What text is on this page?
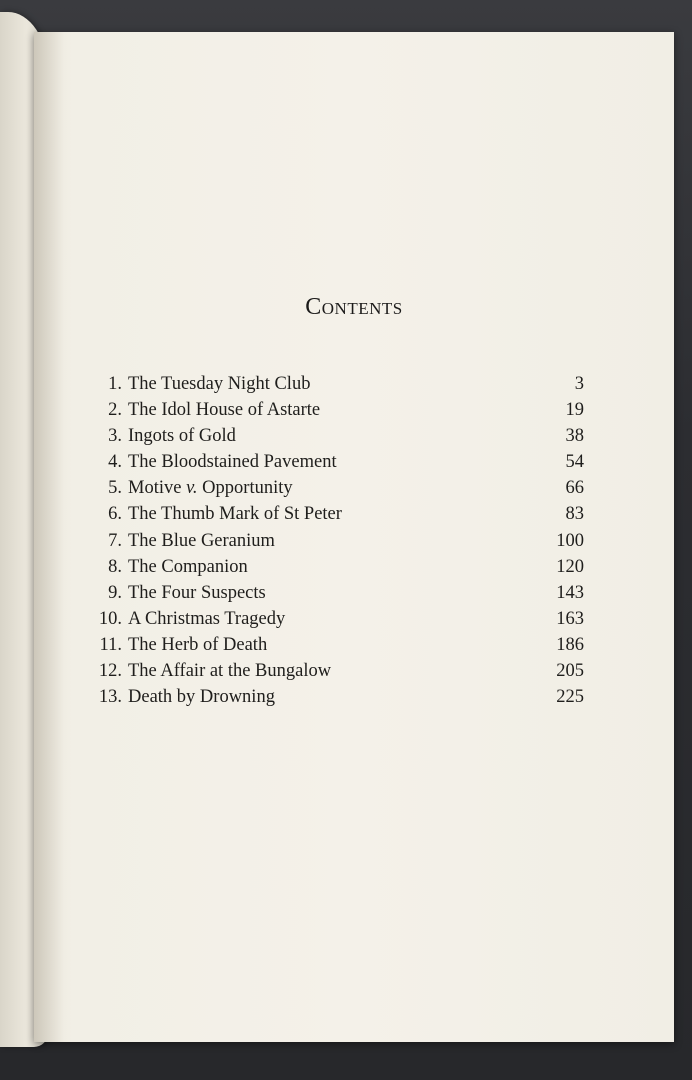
Contents
1. The Tuesday Night Club	3
2. The Idol House of Astarte	19
3. Ingots of Gold	38
4. The Bloodstained Pavement	54
5. Motive v. Opportunity	66
6. The Thumb Mark of St Peter	83
7. The Blue Geranium	100
8. The Companion	120
9. The Four Suspects	143
10. A Christmas Tragedy	163
11. The Herb of Death	186
12. The Affair at the Bungalow	205
13. Death by Drowning	225
